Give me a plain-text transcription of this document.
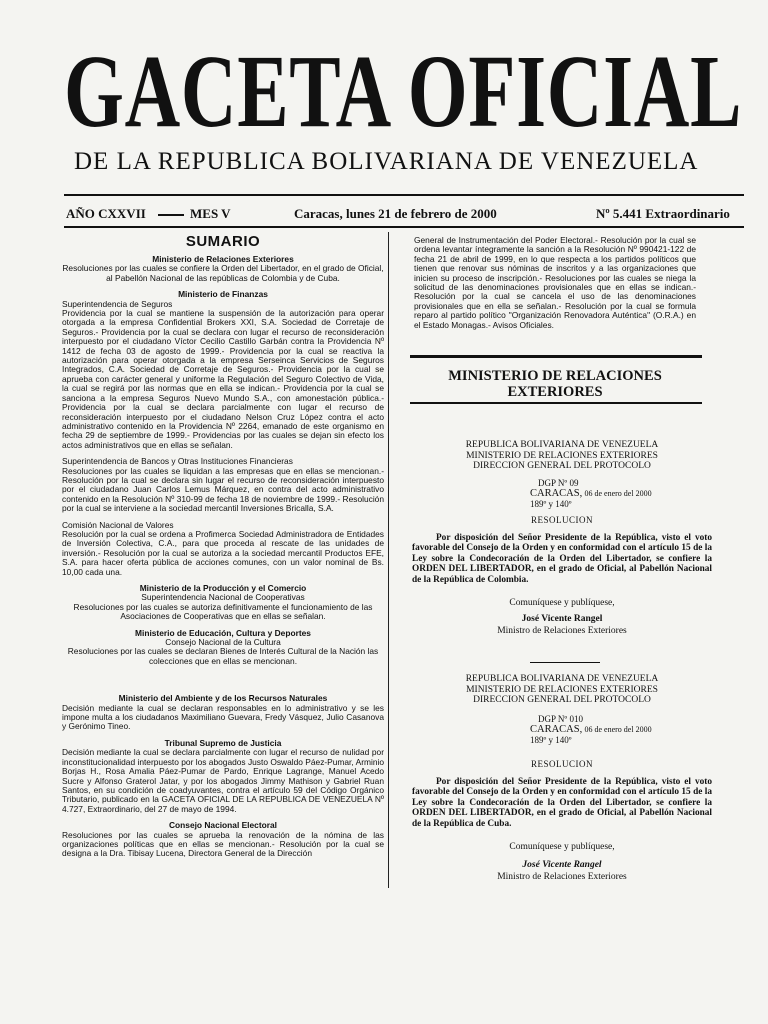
GACETA OFICIAL
DE LA REPUBLICA BOLIVARIANA DE VENEZUELA
AÑO CXXVII	MES V	Caracas, lunes 21 de febrero de 2000	Nº 5.441 Extraordinario
SUMARIO
Ministerio de Relaciones Exteriores

Resoluciones por las cuales se confiere la Orden del Libertador, en el grado de Oficial, al Pabellón Nacional de las repúblicas de Colombia y de Cuba.

Ministerio de Finanzas

Superintendencia de Seguros
Providencia por la cual se mantiene la suspensión de la autorización para operar otorgada a la empresa Confidential Brokers XXI, S.A. Sociedad de Corretaje de Seguros.- Providencia por la cual se declara con lugar el recurso de reconsideración interpuesto por el ciudadano Víctor Cecilio Castillo Garbán contra la Providencia Nº 1412 de fecha 03 de agosto de 1999.- Providencia por la cual se reactiva la autorización para operar otorgada a la empresa Serseinca Servicios de Seguros Integrados, C.A. Sociedad de Corretaje de Seguros.- Providencia por la cual se aprueba con carácter general y uniforme la Regulación del Seguro Colectivo de Vida, la cual se regirá por las normas que en ella se indican.- Providencia por la cual se sanciona a la empresa Seguros Nuevo Mundo S.A., con amonestación pública.- Providencia por la cual se declara parcialmente con lugar el recurso de reconsideración interpuesto por el ciudadano Nelson Cruz López contra el acto administrativo contenido en la Providencia Nº 2264, emanado de este organismo en fecha 29 de septiembre de 1999.- Providencias por las cuales se dejan sin efecto los actos administrativos que en ellas se señalan.

Superintendencia de Bancos y Otras Instituciones Financieras
Resoluciones por las cuales se liquidan a las empresas que en ellas se mencionan.- Resolución por la cual se declara sin lugar el recurso de reconsideración interpuesto por el ciudadano Juan Carlos Lemus Márquez, en contra del acto administrativo contenido en la Resolución Nº 310-99 de fecha 18 de noviembre de 1999.- Resolución por la cual se interviene a la sociedad mercantil Inversiones Bricalla, S.A.

Comisión Nacional de Valores
Resolución por la cual se ordena a Profimerca Sociedad Administradora de Entidades de Inversión Colectiva, C.A., para que proceda al rescate de las unidades de inversión.- Resolución por la cual se autoriza a la sociedad mercantil Productos EFE, S.A. para hacer oferta pública de acciones comunes, con un valor nominal de Bs. 10,00 cada una.

Ministerio de la Producción y el Comercio

Superintendencia Nacional de Cooperativas
Resoluciones por las cuales se autoriza definitivamente el funcionamiento de las Asociaciones de Cooperativas que en ellas se señalan.

Ministerio de Educación, Cultura y Deportes

Consejo Nacional de la Cultura
Resoluciones por las cuales se declaran Bienes de Interés Cultural de la Nación las colecciones que en ellas se mencionan.

Ministerio del Ambiente y de los Recursos Naturales

Decisión mediante la cual se declaran responsables en lo administrativo y se les impone multa a los ciudadanos Maximiliano Guevara, Fredy Vásquez, Julio Casanova y Gerónimo Tineo.

Tribunal Supremo de Justicia

Decisión mediante la cual se declara parcialmente con lugar el recurso de nulidad por inconstitucionalidad interpuesto por los abogados Justo Oswaldo Páez-Pumar, Arminio Borjas H., Rosa Amalia Páez-Pumar de Pardo, Enrique Lagrange, Manuel Acedo Sucre y Alfonso Graterol Jatar, y por los abogados Jimmy Mathison y Gabriel Ruan Santos, en su condición de coadyuvantes, contra el artículo 59 del Código Orgánico Tributario, publicado en la GACETA OFICIAL DE LA REPUBLICA DE VENEZUELA Nº 4.727, Extraordinario, del 27 de mayo de 1994.

Consejo Nacional Electoral

Resoluciones por las cuales se aprueba la renovación de la nómina de las organizaciones políticas que en ellas se mencionan.- Resolución por la cual se designa a la Dra. Tibisay Lucena, Directora General de la Dirección

General de Instrumentación del Poder Electoral.- Resolución por la cual se ordena levantar íntegramente la sanción a la Resolución Nº 990421-122 de fecha 21 de abril de 1999, en lo que respecta a los partidos políticos que tienen que renovar sus nóminas de inscritos y a las organizaciones que inicien su proceso de inscripción.- Resoluciones por las cuales se niega la solicitud de las denominaciones provisionales que en ellas se indican.- Resolución por la cual se cancela el uso de las denominaciones provisionales que en ella se señalan.- Resolución por la cual se formula reparo al partido político "Organización Renovadora Auténtica" (O.R.A.) en el Estado Monagas.- Avisos Oficiales.
MINISTERIO DE RELACIONES
EXTERIORES
REPUBLICA BOLIVARIANA DE VENEZUELA
MINISTERIO DE RELACIONES EXTERIORES
DIRECCION GENERAL DEL PROTOCOLO
DGP Nº 09
CARACAS, 06 de enero del 2000
189º y 140º
RESOLUCION
Por disposición del Señor Presidente de la República, visto el voto favorable del Consejo de la Orden y en conformidad con el artículo 15 de la Ley sobre la Condecoración de la Orden del Libertador, se confiere la ORDEN DEL LIBERTADOR, en el grado de Oficial, al Pabellón Nacional de la República de Colombia.
Comuníquese y publíquese,
José Vicente Rangel
Ministro de Relaciones Exteriores
REPUBLICA BOLIVARIANA DE VENEZUELA
MINISTERIO DE RELACIONES EXTERIORES
DIRECCION GENERAL DEL PROTOCOLO
DGP Nº 010
CARACAS, 06 de enero del 2000
189º y 140º
RESOLUCION
Por disposición del Señor Presidente de la República, visto el voto favorable del Consejo de la Orden y en conformidad con el artículo 15 de la Ley sobre la Condecoración de la Orden del Libertador, se confiere la ORDEN DEL LIBERTADOR, en el grado de Oficial, al Pabellón Nacional de la República de Cuba.
Comuníquese y publíquese,
José Vicente Rangel
Ministro de Relaciones Exteriores
